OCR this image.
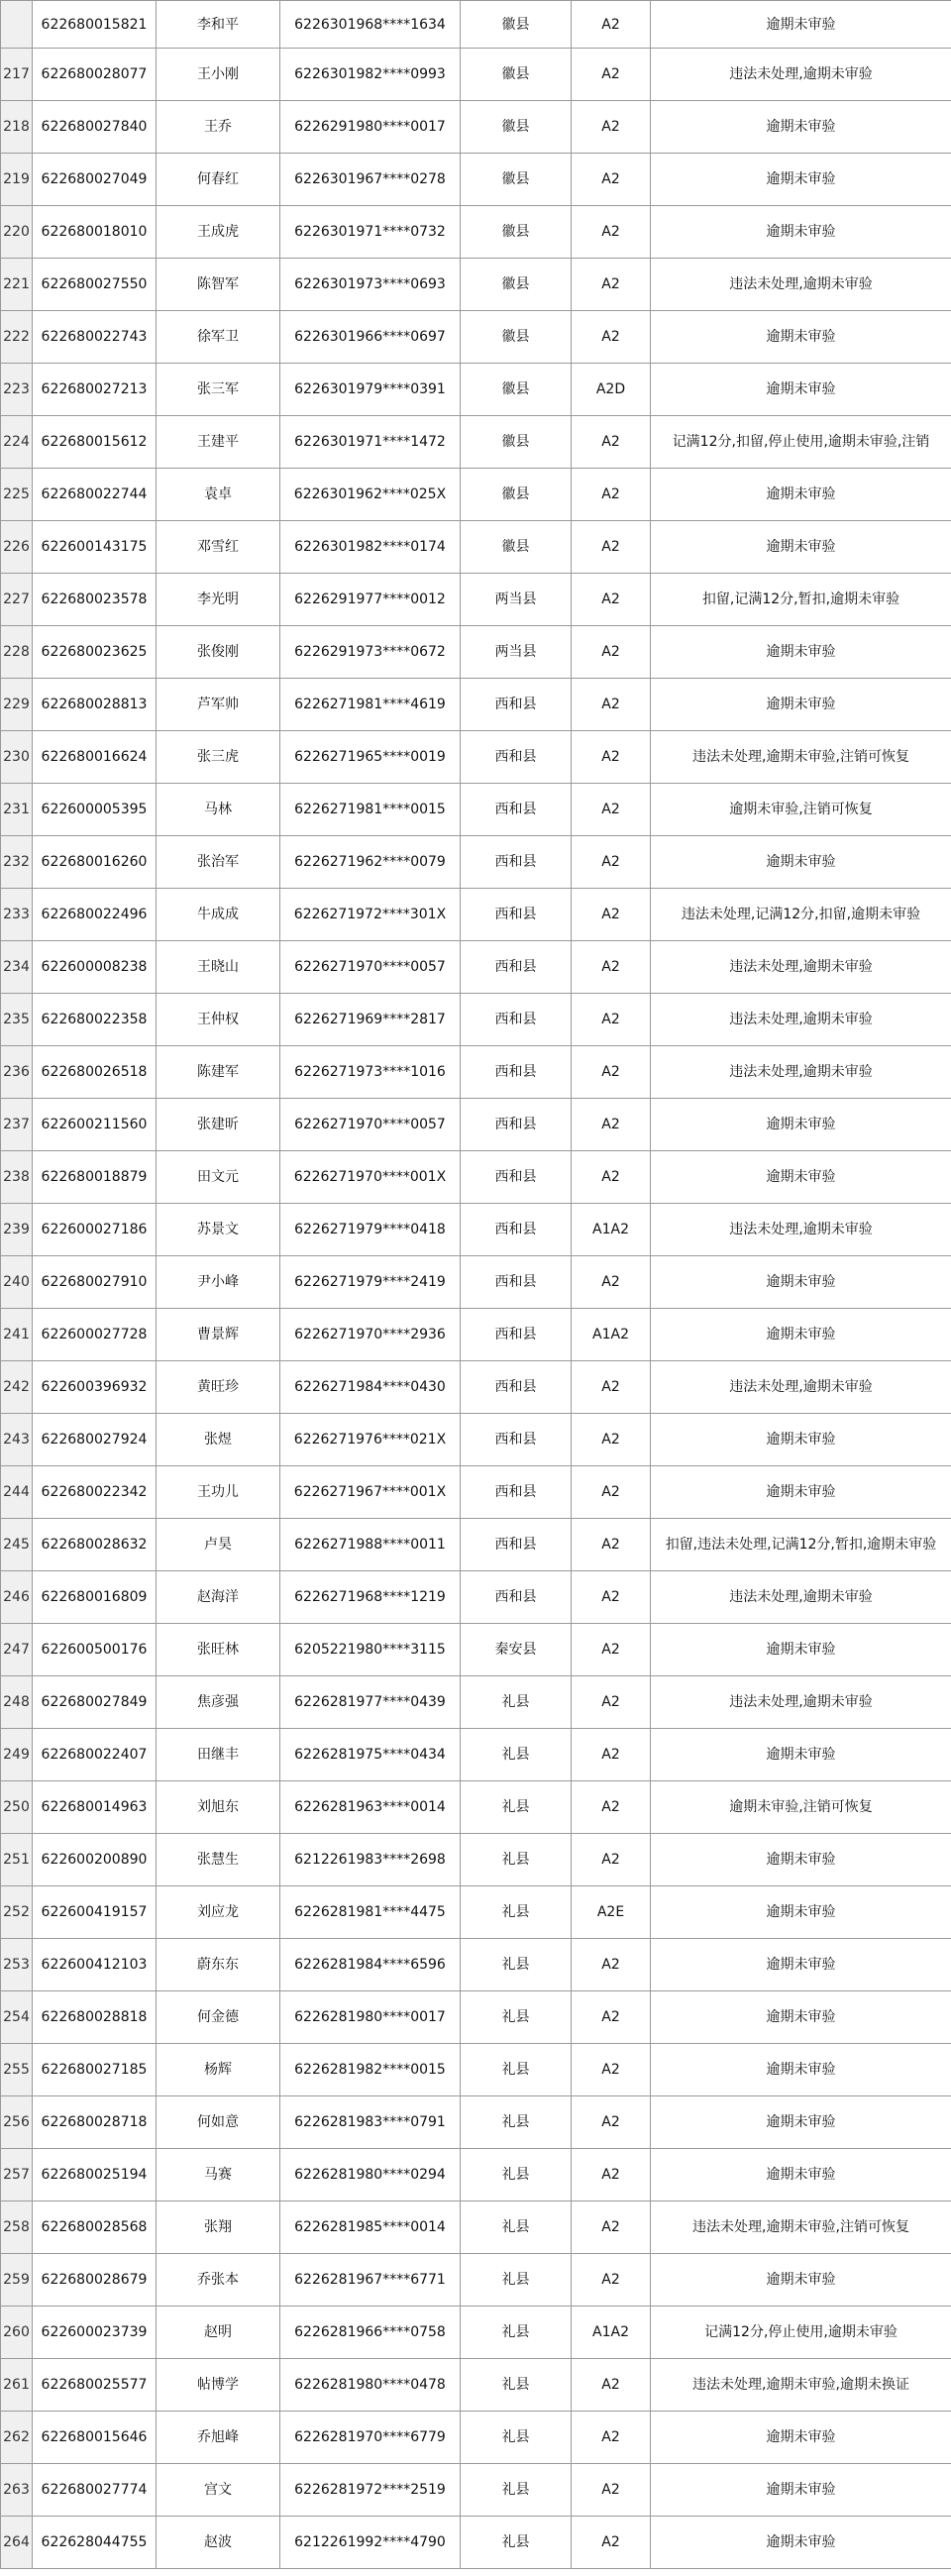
	622680015821	李和平	6226301968****1634	徽县	A2	逾期未审验
217	622680028077	王小刚	6226301982****0993	徽县	A2	违法未处理,逾期未审验
218	622680027840	王乔	6226291980****0017	徽县	A2	逾期未审验
219	622680027049	何春红	6226301967****0278	徽县	A2	逾期未审验
220	622680018010	王成虎	6226301971****0732	徽县	A2	逾期未审验
221	622680027550	陈智军	6226301973****0693	徽县	A2	违法未处理,逾期未审验
222	622680022743	徐军卫	6226301966****0697	徽县	A2	逾期未审验
223	622680027213	张三军	6226301979****0391	徽县	A2D	逾期未审验
224	622680015612	王建平	6226301971****1472	徽县	A2	记满12分,扣留,停止使用,逾期未审验,注销
225	622680022744	袁卓	6226301962****025X	徽县	A2	逾期未审验
226	622600143175	邓雪红	6226301982****0174	徽县	A2	逾期未审验
227	622680023578	李光明	6226291977****0012	两当县	A2	扣留,记满12分,暂扣,逾期未审验
228	622680023625	张俊刚	6226291973****0672	两当县	A2	逾期未审验
229	622680028813	芦军帅	6226271981****4619	西和县	A2	逾期未审验
230	622680016624	张三虎	6226271965****0019	西和县	A2	违法未处理,逾期未审验,注销可恢复
231	622600005395	马林	6226271981****0015	西和县	A2	逾期未审验,注销可恢复
232	622680016260	张治军	6226271962****0079	西和县	A2	逾期未审验
233	622680022496	牛成成	6226271972****301X	西和县	A2	违法未处理,记满12分,扣留,逾期未审验
234	622600008238	王晓山	6226271970****0057	西和县	A2	违法未处理,逾期未审验
235	622680022358	王仲权	6226271969****2817	西和县	A2	违法未处理,逾期未审验
236	622680026518	陈建军	6226271973****1016	西和县	A2	违法未处理,逾期未审验
237	622600211560	张建昕	6226271970****0057	西和县	A2	逾期未审验
238	622680018879	田文元	6226271970****001X	西和县	A2	逾期未审验
239	622600027186	苏景文	6226271979****0418	西和县	A1A2	违法未处理,逾期未审验
240	622680027910	尹小峰	6226271979****2419	西和县	A2	逾期未审验
241	622600027728	曹景辉	6226271970****2936	西和县	A1A2	逾期未审验
242	622600396932	黄旺珍	6226271984****0430	西和县	A2	违法未处理,逾期未审验
243	622680027924	张煜	6226271976****021X	西和县	A2	逾期未审验
244	622680022342	王功儿	6226271967****001X	西和县	A2	逾期未审验
245	622680028632	卢昊	6226271988****0011	西和县	A2	扣留,违法未处理,记满12分,暂扣,逾期未审验
246	622680016809	赵海洋	6226271968****1219	西和县	A2	违法未处理,逾期未审验
247	622600500176	张旺林	6205221980****3115	秦安县	A2	逾期未审验
248	622680027849	焦彦强	6226281977****0439	礼县	A2	违法未处理,逾期未审验
249	622680022407	田继丰	6226281975****0434	礼县	A2	逾期未审验
250	622680014963	刘旭东	6226281963****0014	礼县	A2	逾期未审验,注销可恢复
251	622600200890	张慧生	6212261983****2698	礼县	A2	逾期未审验
252	622600419157	刘应龙	6226281981****4475	礼县	A2E	逾期未审验
253	622600412103	蔚东东	6226281984****6596	礼县	A2	逾期未审验
254	622680028818	何金德	6226281980****0017	礼县	A2	逾期未审验
255	622680027185	杨辉	6226281982****0015	礼县	A2	逾期未审验
256	622680028718	何如意	6226281983****0791	礼县	A2	逾期未审验
257	622680025194	马赛	6226281980****0294	礼县	A2	逾期未审验
258	622680028568	张翔	6226281985****0014	礼县	A2	违法未处理,逾期未审验,注销可恢复
259	622680028679	乔张本	6226281967****6771	礼县	A2	逾期未审验
260	622600023739	赵明	6226281966****0758	礼县	A1A2	记满12分,停止使用,逾期未审验
261	622680025577	帖博学	6226281980****0478	礼县	A2	违法未处理,逾期未审验,逾期未换证
262	622680015646	乔旭峰	6226281970****6779	礼县	A2	逾期未审验
263	622680027774	宫文	6226281972****2519	礼县	A2	逾期未审验
264	622628044755	赵波	6212261992****4790	礼县	A2	逾期未审验
